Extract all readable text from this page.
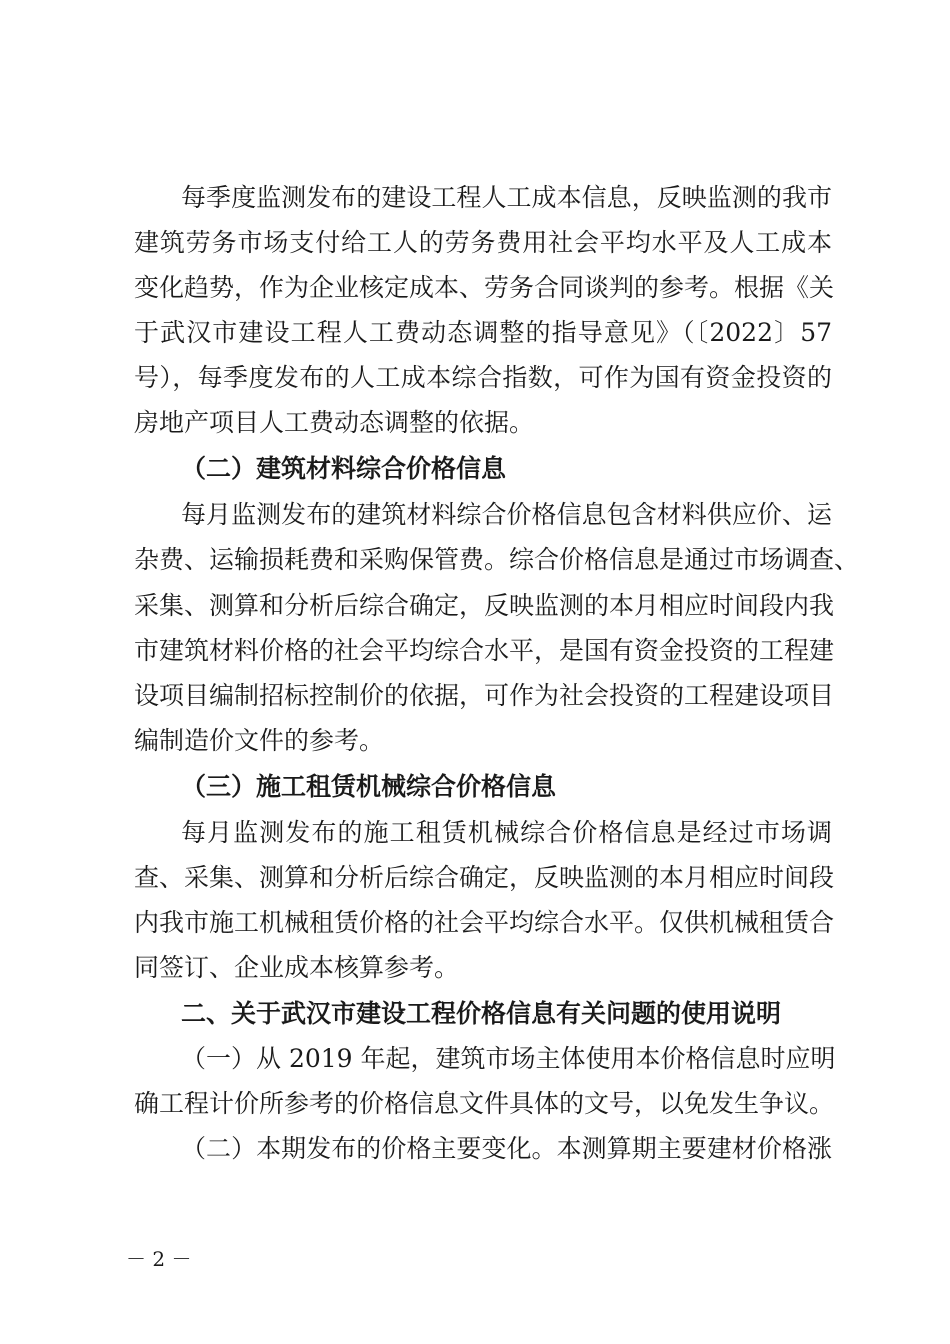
每季度监测发布的建设工程人工成本信息，反映监测的我市
建筑劳务市场支付给工人的劳务费用社会平均水平及人工成本
变化趋势，作为企业核定成本、劳务合同谈判的参考。根据《关
于武汉市建设工程人工费动态调整的指导意见》（〔2022〕57
号），每季度发布的人工成本综合指数，可作为国有资金投资的
房地产项目人工费动态调整的依据。
（二）建筑材料综合价格信息
每月监测发布的建筑材料综合价格信息包含材料供应价、运
杂费、运输损耗费和采购保管费。综合价格信息是通过市场调查、
采集、测算和分析后综合确定，反映监测的本月相应时间段内我
市建筑材料价格的社会平均综合水平，是国有资金投资的工程建
设项目编制招标控制价的依据，可作为社会投资的工程建设项目
编制造价文件的参考。
（三）施工租赁机械综合价格信息
每月监测发布的施工租赁机械综合价格信息是经过市场调
查、采集、测算和分析后综合确定，反映监测的本月相应时间段
内我市施工机械租赁价格的社会平均综合水平。仅供机械租赁合
同签订、企业成本核算参考。
二、关于武汉市建设工程价格信息有关问题的使用说明
（一）从 2019 年起，建筑市场主体使用本价格信息时应明
确工程计价所参考的价格信息文件具体的文号，以免发生争议。
（二）本期发布的价格主要变化。本测算期主要建材价格涨
－ 2 －
